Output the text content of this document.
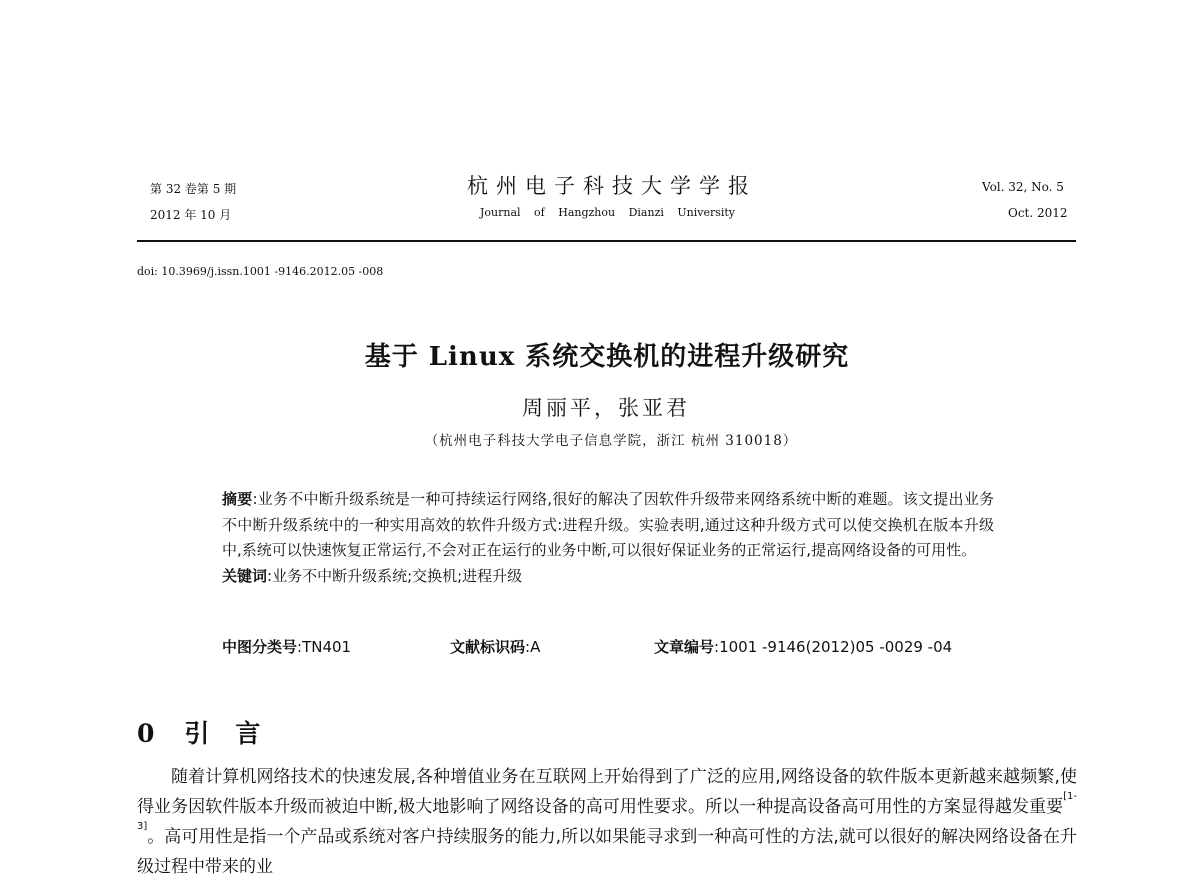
第 32 卷第 5 期
2012 年 10 月
杭州电子科技大学学报
Journal of Hangzhou Dianzi University
Vol. 32, No. 5
Oct. 2012
doi: 10.3969/j.issn.1001 -9146.2012.05 -008
基于 Linux 系统交换机的进程升级研究
周丽平，张亚君
（杭州电子科技大学电子信息学院，浙江 杭州 310018）

摘要:业务不中断升级系统是一种可持续运行网络,很好的解决了因软件升级带来网络系统中断的难题。该文提出业务不中断升级系统中的一种实用高效的软件升级方式:进程升级。实验表明,通过这种升级方式可以使交换机在版本升级中,系统可以快速恢复正常运行,不会对正在运行的业务中断,可以很好保证业务的正常运行,提高网络设备的可用性。

关键词:业务不中断升级系统;交换机;进程升级

中图分类号:TN401	文献标识码:A	文章编号:1001 -9146(2012)05 -0029 -04
0 引言

随着计算机网络技术的快速发展,各种增值业务在互联网上开始得到了广泛的应用,网络设备的软件版本更新越来越频繁,使得业务因软件版本升级而被迫中断,极大地影响了网络设备的高可用性要求。所以一种提高设备高可用性的方案显得越发重要[1-3]。高可用性是指一个产品或系统对客户持续服务的能力,所以如果能寻求到一种高可性的方法,就可以很好的解决网络设备在升级过程中带来的业
